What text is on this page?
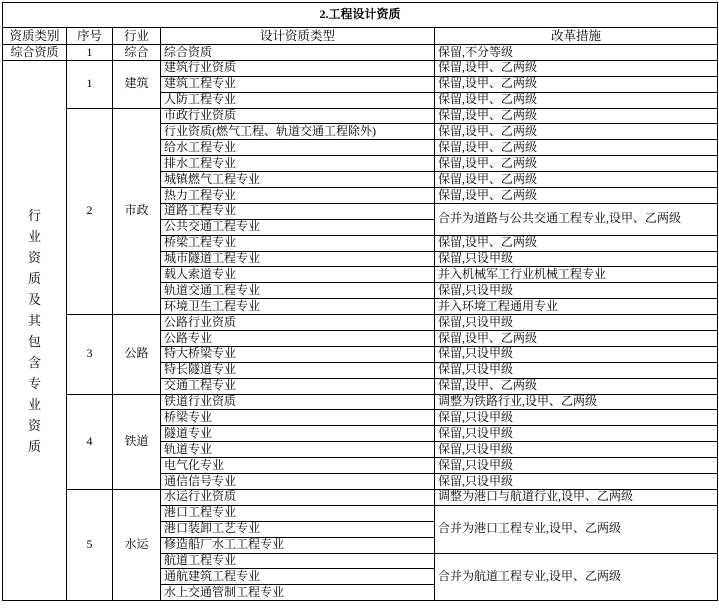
2.工程设计资质				
资质类别	序号	行业	设计资质类型	改革措施
综合资质	1	综合	综合资质	保留,不分等级

行业资质及其包含专业资质	1	建筑	建筑行业资质	保留,设甲、乙两级
			建筑工程专业	保留,设甲、乙两级
			人防工程专业	保留,设甲、乙两级
	2	市政	市政行业资质	保留,设甲、乙两级
			行业资质(燃气工程、轨道交通工程除外)	保留,设甲、乙两级
			给水工程专业	保留,设甲、乙两级
			排水工程专业	保留,设甲、乙两级
			城镇燃气工程专业	保留,设甲、乙两级
			热力工程专业	保留,设甲、乙两级
			道路工程专业	合并为道路与公共交通工程专业,设甲、乙两级
			公共交通工程专业	
			桥梁工程专业	保留,设甲、乙两级
			城市隧道工程专业	保留,只设甲级
			载人索道专业	并入机械军工行业机械工程专业
			轨道交通工程专业	保留,只设甲级
			环境卫生工程专业	并入环境工程通用专业
	3	公路	公路行业资质	保留,只设甲级
			公路专业	保留,设甲、乙两级
			特大桥梁专业	保留,只设甲级
			特长隧道专业	保留,只设甲级
			交通工程专业	保留,设甲、乙两级
	4	铁道	铁道行业资质	调整为铁路行业,设甲、乙两级
			桥梁专业	保留,只设甲级
			隧道专业	保留,只设甲级
			轨道专业	保留,只设甲级
			电气化专业	保留,只设甲级
			通信信号专业	保留,只设甲级
	5	水运	水运行业资质	调整为港口与航道行业,设甲、乙两级
			港口工程专业	合并为港口工程专业,设甲、乙两级
			港口装卸工艺专业	
			修造船厂水工工程专业	
			航道工程专业	合并为航道工程专业,设甲、乙两级
			通航建筑工程专业	
			水上交通管制工程专业	
